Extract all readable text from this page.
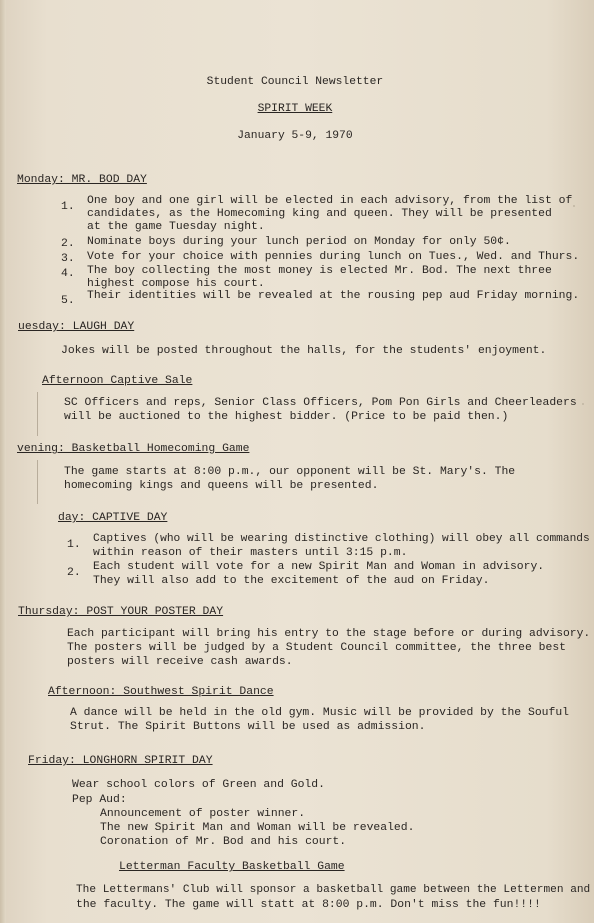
Student Council Newsletter
SPIRIT WEEK
January 5-9, 1970
Monday: MR. BOD DAY
1. One boy and one girl will be elected in each advisory, from the list of
candidates, as the Homecoming king and queen. They will be presented
at the game Tuesday night.
2. Nominate boys during your lunch period on Monday for only 50¢.
3. Vote for your choice with pennies during lunch on Tues., Wed. and Thurs.
4. The boy collecting the most money is elected Mr. Bod. The next three
highest compose his court.
5. Their identities will be revealed at the rousing pep aud Friday morning.
uesday: LAUGH DAY
Jokes will be posted throughout the halls, for the students' enjoyment.
Afternoon Captive Sale
SC Officers and reps, Senior Class Officers, Pom Pon Girls and Cheerleaders
will be auctioned to the highest bidder. (Price to be paid then.)
vening: Basketball Homecoming Game
The game starts at 8:00 p.m., our opponent will be St. Mary's. The
homecoming kings and queens will be presented.
day: CAPTIVE DAY
1. Captives (who will be wearing distinctive clothing) will obey all commands
within reason of their masters until 3:15 p.m.
2. Each student will vote for a new Spirit Man and Woman in advisory.
They will also add to the excitement of the aud on Friday.
Thursday: POST YOUR POSTER DAY
Each participant will bring his entry to the stage before or during advisory.
The posters will be judged by a Student Council committee, the three best
posters will receive cash awards.
Afternoon: Southwest Spirit Dance
A dance will be held in the old gym. Music will be provided by the Souful
Strut. The Spirit Buttons will be used as admission.
Friday: LONGHORN SPIRIT DAY
Wear school colors of Green and Gold.
Pep Aud:
Announcement of poster winner.
The new Spirit Man and Woman will be revealed.
Coronation of Mr. Bod and his court.
Letterman Faculty Basketball Game
The Lettermans' Club will sponsor a basketball game between the Lettermen and
the faculty. The game will statt at 8:00 p.m. Don't miss the fun!!!!
